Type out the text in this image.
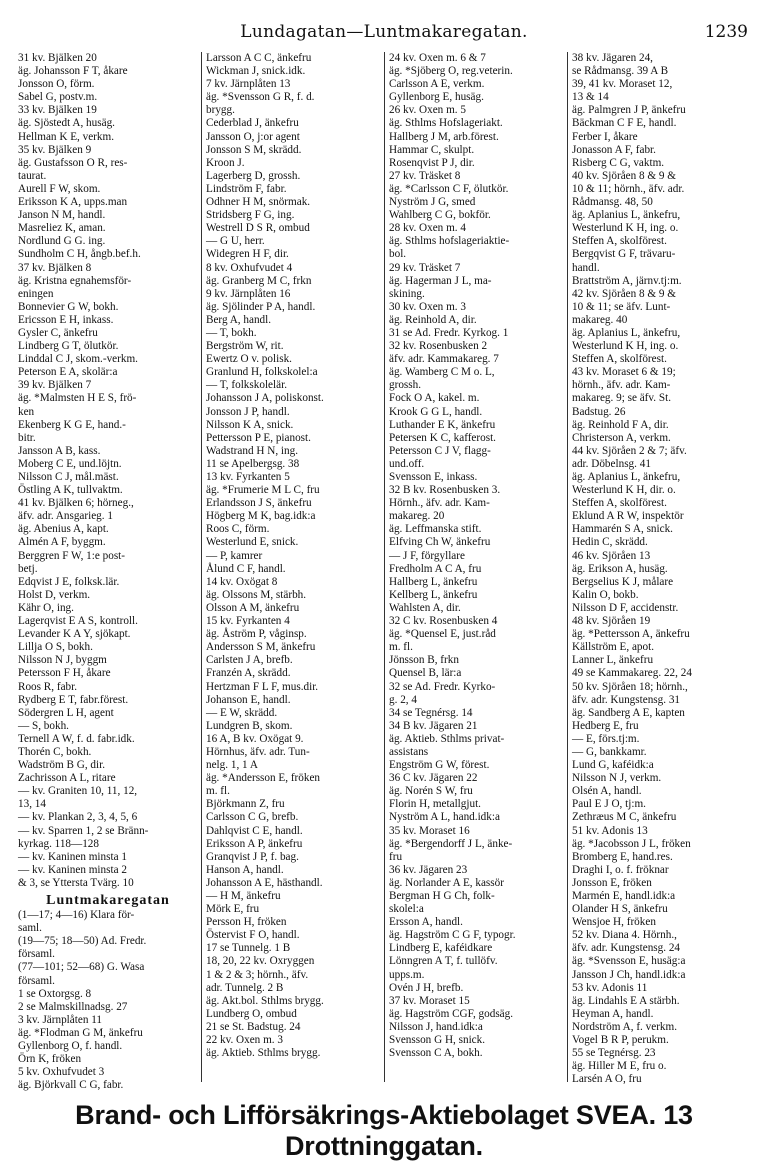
Lundagatan—Luntmakaregatan.	1239
31 kv. Bjälken 20
äg. Johansson F T, åkare
Jonsson O, förm.
Sabel G, postv.m.
33 kv. Bjälken 19
äg. Sjöstedt A, husäg.
Hellman K E, verkm.
35 kv. Bjälken 9
äg. Gustafsson O R, res-
taurat.
Aurell F W, skom.
Eriksson K A, upps.man
Janson N M, handl.
Masreliez K, aman.
Nordlund G G. ing.
Sundholm C H, ångb.bef.h.
37 kv. Bjälken 8
äg. Kristna egnahemsför-
eningen
Bonnevier G W, bokh.
Ericsson E H, inkass.
Gysler C, änkefru
Lindberg G T, ölutkör.
Linddal C J, skom.-verkm.
Peterson E A, skolär:a
39 kv. Bjälken 7
äg. *Malmsten H E S, frö-
ken
Ekenberg K G E, hand.-
bitr.
Jansson A B, kass.
Moberg C E, und.löjtn.
Nilsson C J, mål.mäst.
Östling A K, tullvaktm.
41 kv. Bjälken 6; hörneg.,
äfv. adr. Ansgarieg. 1
äg. Abenius A, kapt.
Almén A F, byggm.
Berggren F W, 1:e post-
betj.
Edqvist J E, folksk.lär.
Holst D, verkm.
Kähr O, ing.
Lagerqvist E A S, kontroll.
Levander K A Y, sjökapt.
Lillja O S, bokh.
Nilsson N J, byggm
Petersson F H, åkare
Roos R, fabr.
Rydberg E T, fabr.förest.
Södergren L H, agent
— S, bokh.
Ternell A W, f. d. fabr.idk.
Thorén C, bokh.
Wadström B G, dir.
Zachrisson A L, ritare
— kv. Graniten 10, 11, 12,
13, 14
— kv. Plankan 2, 3, 4, 5, 6
— kv. Sparren 1, 2 se Bränn-
kyrkag. 118—128
— kv. Kaninen minsta 1
— kv. Kaninen minsta 2
& 3, se Yttersta Tvärg. 10
Luntmakaregatan
(1—17; 4—16) Klara för-
saml.
(19—75; 18—50) Ad. Fredr.
församl.
(77—101; 52—68) G. Wasa
församl.
1 se Oxtorgsg. 8
2 se Malmskillnadsg. 27
3 kv. Järnplåten 11
äg. *Flodman G M, änkefru
Gyllenborg O, f. handl.
Örn K, fröken
5 kv. Oxhufvudet 3
äg. Björkvall C G, fabr.
Larsson A C C, änkefru
Wickman J, snick.idk.
7 kv. Järnplåten 13
äg. *Svensson G R, f. d.
brygg.
Cederblad J, änkefru
Jansson O, j:or agent
Jonsson S M, skrädd.
Kroon J.
Lagerberg D, grossh.
Lindström F, fabr.
Odhner H M, snörmak.
Stridsberg F G, ing.
Westrell D S R, ombud
— G U, herr.
Widegren H F, dir.
8 kv. Oxhufvudet 4
äg. Granberg M C, frkn
9 kv. Järnplåten 16
äg. Sjölinder P A, handl.
Berg A, handl.
— T, bokh.
Bergström W, rit.
Ewertz O v. polisk.
Granlund H, folkskolel:a
— T, folkskolelär.
Johansson J A, poliskonst.
Jonsson J P, handl.
Nilsson K A, snick.
Pettersson P E, pianost.
Wadstrand H N, ing.
11 se Apelbergsg. 38
13 kv. Fyrkanten 5
äg. *Frumerie M L C, fru
Erlandsson J S, änkefru
Högberg M K, bag.idk:a
Roos C, förm.
Westerlund E, snick.
— P, kamrer
Ålund C F, handl.
14 kv. Oxögat 8
äg. Olssons M, stärbh.
Olsson A M, änkefru
15 kv. Fyrkanten 4
äg. Åström P, våginsp.
Andersson S M, änkefru
Carlsten J A, brefb.
Franzén A, skrädd.
Hertzman F L F, mus.dir.
Johanson E, handl.
— E W, skrädd.
Lundgren B, skom.
16 A, B kv. Oxögat 9.
Hörnhus, äfv. adr. Tun-
nelg. 1, 1 A
äg. *Andersson E, fröken
m. fl.
Björkmann Z, fru
Carlsson C G, brefb.
Dahlqvist C E, handl.
Eriksson A P, änkefru
Granqvist J P, f. bag.
Hanson A, handl.
Johansson A E, hästhandl.
— H M, änkefru
Mörk E, fru
Persson H, fröken
Östervist F O, handl.
17 se Tunnelg. 1 B
18, 20, 22 kv. Oxryggen
1 & 2 & 3; hörnh., äfv.
adr. Tunnelg. 2 B
äg. Akt.bol. Sthlms brygg.
Lundberg O, ombud
21 se St. Badstug. 24
22 kv. Oxen m. 3
äg. Aktieb. Sthlms brygg.
24 kv. Oxen m. 6 & 7
äg. *Sjöberg O, reg.veterin.
Carlsson A E, verkm.
Gyllenborg E, husäg.
26 kv. Oxen m. 5
äg. Sthlms Hofslageriakt.
Hallberg J M, arb.förest.
Hammar C, skulpt.
Rosenqvist P J, dir.
27 kv. Träsket 8
äg. *Carlsson C F, ölutkör.
Nyström J G, smed
Wahlberg C G, bokför.
28 kv. Oxen m. 4
äg. Sthlms hofslageriaktie-
bol.
29 kv. Träsket 7
äg. Hagerman J L, ma-
skining.
30 kv. Oxen m. 3
äg. Reinhold A, dir.
31 se Ad. Fredr. Kyrkog. 1
32 kv. Rosenbusken 2
äfv. adr. Kammakareg. 7
äg. Wamberg C M o. L,
grossh.
Fock O A, kakel. m.
Krook G G L, handl.
Luthander E K, änkefru
Petersen K C, kafferost.
Petersson C J V, flagg-
und.off.
Svensson E, inkass.
32 B kv. Rosenbusken 3.
Hörnh., äfv. adr. Kam-
makareg. 20
äg. Leffmanska stift.
Elfving Ch W, änkefru
— J F, förgyllare
Fredholm A C A, fru
Hallberg L, änkefru
Kellberg L, änkefru
Wahlsten A, dir.
32 C kv. Rosenbusken 4
äg. *Quensel E, just.råd
m. fl.
Jönsson B, frkn
Quensel B, lär:a
32 se Ad. Fredr. Kyrko-
g. 2, 4
34 se Tegnérsg. 14
34 B kv. Jägaren 21
äg. Aktieb. Sthlms privat-
assistans
Engström G W, förest.
36 C kv. Jägaren 22
äg. Norén S W, fru
Florin H, metallgjut.
Nyström A L, hand.idk:a
35 kv. Moraset 16
äg. *Bergendorff J L, änke-
fru
36 kv. Jägaren 23
äg. Norlander A E, kassör
Bergman H G Ch, folk-
skolel:a
Ersson A, handl.
äg. Hagström C G F, typogr.
Lindberg E, kaféidkare
Lönngren A T, f. tullöfv.
upps.m.
Ovén J H, brefb.
37 kv. Moraset 15
äg. Hagström CGF, godsäg.
Nilsson J, hand.idk:a
Svensson G H, snick.
Svensson C A, bokh.
38 kv. Jägaren 24,
se Rådmansg. 39 A B
39, 41 kv. Moraset 12,
13 & 14
äg. Palmgren J P, änkefru
Bäckman C F E, handl.
Ferber I, åkare
Jonasson A F, fabr.
Risberg C G, vaktm.
40 kv. Sjöråen 8 & 9 &
10 & 11; hörnh., äfv. adr.
Rådmansg. 48, 50
äg. Aplanius L, änkefru,
Westerlund K H, ing. o.
Steffen A, skolförest.
Bergqvist G F, trävaru-
handl.
Brattström A, järnv.tj:m.
42 kv. Sjöråen 8 & 9 &
10 & 11; se äfv. Lunt-
makareg. 40
äg. Aplanius L, änkefru,
Westerlund K H, ing. o.
Steffen A, skolförest.
43 kv. Moraset 6 & 19;
hörnh., äfv. adr. Kam-
makareg. 9; se äfv. St.
Badstug. 26
äg. Reinhold F A, dir.
Christerson A, verkm.
44 kv. Sjöråen 2 & 7; äfv.
adr. Döbelnsg. 41
äg. Aplanius L, änkefru,
Westerlund K H, dir. o.
Steffen A, skolförest.
Eklund A R W, inspektör
Hammarén S A, snick.
Hedin C, skrädd.
46 kv. Sjöråen 13
äg. Erikson A, husäg.
Bergselius K J, målare
Kalin O, bokb.
Nilsson D F, accidenstr.
48 kv. Sjöråen 19
äg. *Pettersson A, änkefru
Källström E, apot.
Lanner L, änkefru
49 se Kammakareg. 22, 24
50 kv. Sjöråen 18; hörnh.,
äfv. adr. Kungstensg. 31
äg. Sandberg A E, kapten
Hedberg E, fru
— E, förs.tj:m.
— G, bankkamr.
Lund G, kaféidk:a
Nilsson N J, verkm.
Olsén A, handl.
Paul E J O, tj:m.
Zethræus M C, änkefru
51 kv. Adonis 13
äg. *Jacobsson J L, fröken
Bromberg E, hand.res.
Draghi I, o. f. fröknar
Jonsson E, fröken
Marmén E, handl.idk:a
Olander H S, änkefru
Wensjoe H, fröken
52 kv. Diana 4. Hörnh.,
äfv. adr. Kungstensg. 24
äg. *Svensson E, husäg:a
Jansson J Ch, handl.idk:a
53 kv. Adonis 11
äg. Lindahls E A stärbh.
Heyman A, handl.
Nordström A, f. verkm.
Vogel B R P, perukm.
55 se Tegnérsg. 23
äg. Hiller M E, fru o.
Larsén A O, fru
Brand- och Lifförsäkrings-Aktiebolaget SVEA. 13 Drottninggatan.
